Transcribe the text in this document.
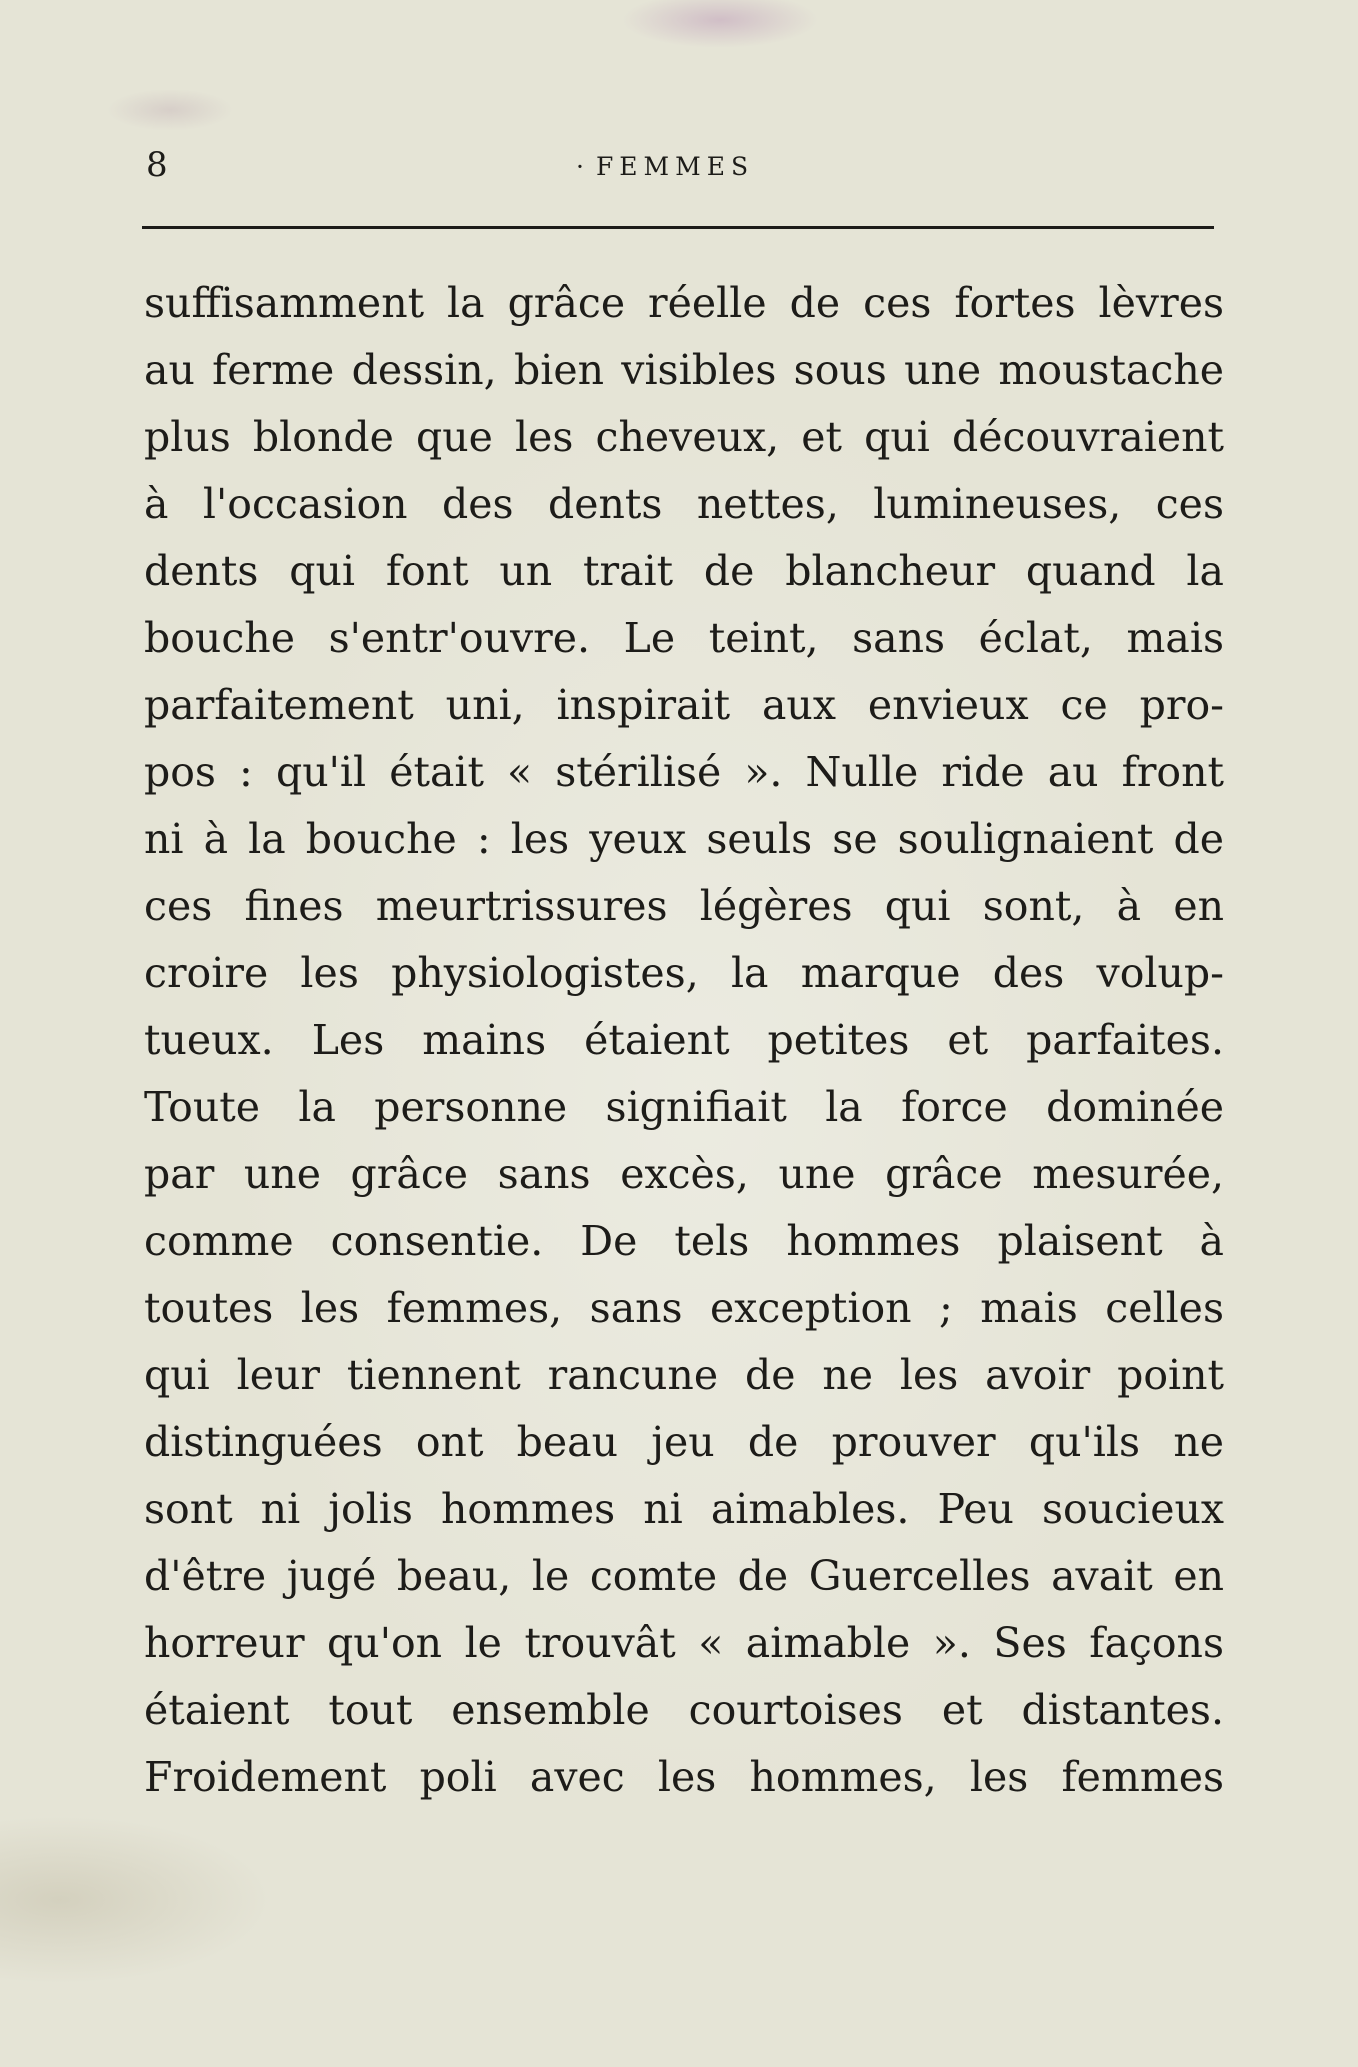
8
·	FEMMES
suffisamment la grâce réelle de ces fortes lèvres
au ferme dessin, bien visibles sous une moustache
plus blonde que les cheveux, et qui découvraient
à l'occasion des dents nettes, lumineuses, ces
dents qui font un trait de blancheur quand la
bouche s'entr'ouvre. Le teint, sans éclat, mais
parfaitement uni, inspirait aux envieux ce pro-
pos : qu'il était « stérilisé ». Nulle ride au front
ni à la bouche : les yeux seuls se soulignaient de
ces fines meurtrissures légères qui sont, à en
croire les physiologistes, la marque des volup-
tueux. Les mains étaient petites et parfaites.
Toute la personne signifiait la force dominée
par une grâce sans excès, une grâce mesurée,
comme consentie. De tels hommes plaisent à
toutes les femmes, sans exception ; mais celles
qui leur tiennent rancune de ne les avoir point
distinguées ont beau jeu de prouver qu'ils ne
sont ni jolis hommes ni aimables. Peu soucieux
d'être jugé beau, le comte de Guercelles avait en
horreur qu'on le trouvât « aimable ». Ses façons
étaient tout ensemble courtoises et distantes.
Froidement poli avec les hommes, les femmes
